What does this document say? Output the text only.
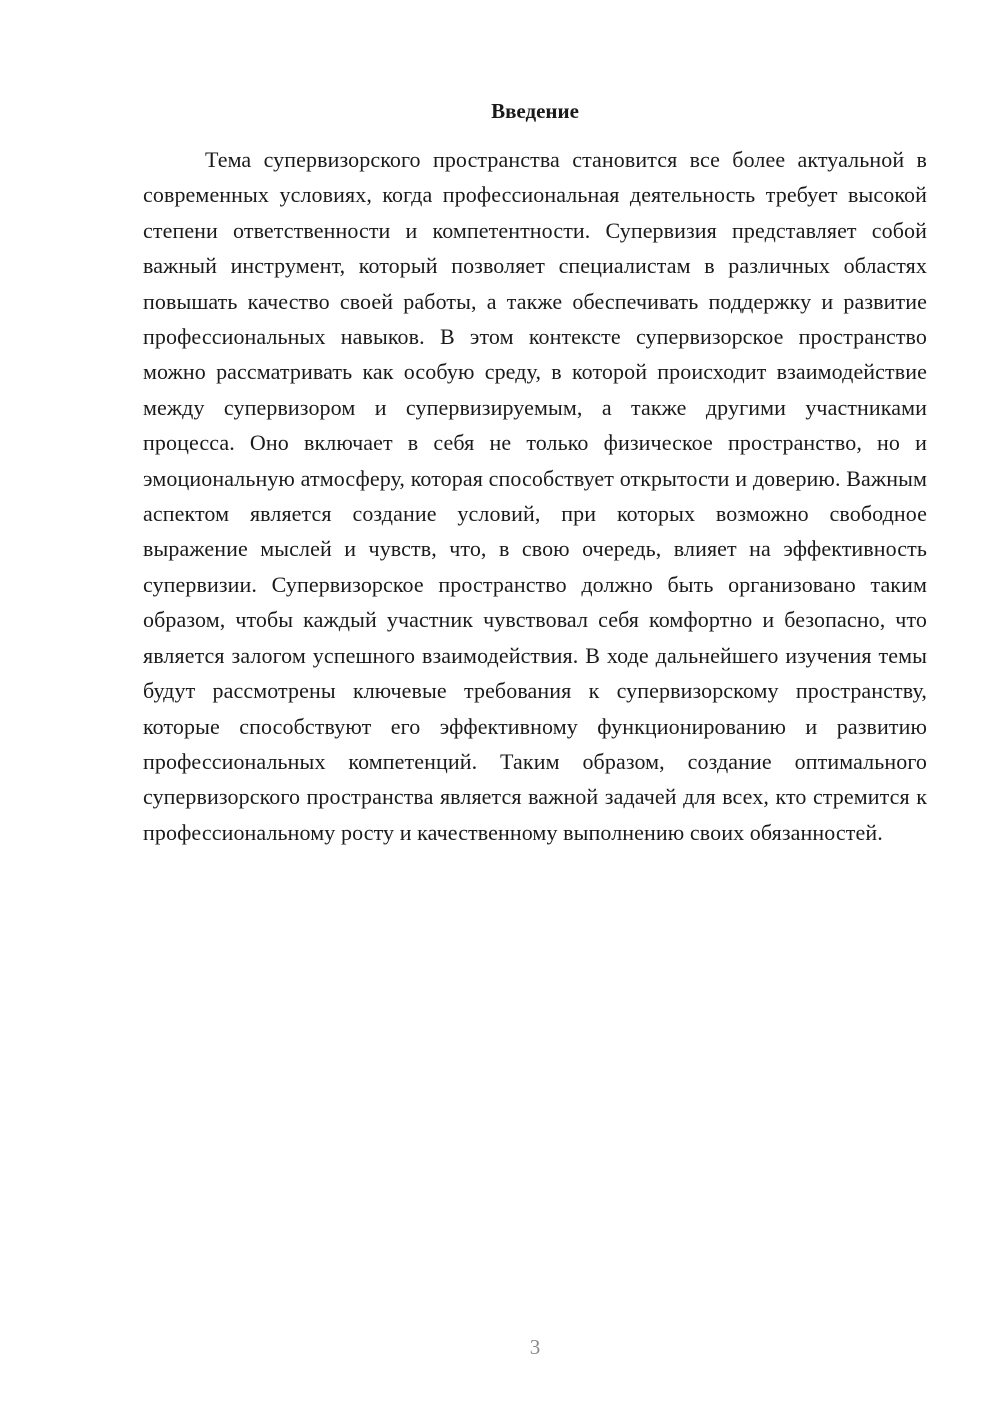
Введение

Тема супервизорского пространства становится все более актуальной в современных условиях, когда профессиональная деятельность требует высокой степени ответственности и компетентности. Супервизия представляет собой важный инструмент, который позволяет специалистам в различных областях повышать качество своей работы, а также обеспечивать поддержку и развитие профессиональных навыков. В этом контексте супервизорское пространство можно рассматривать как особую среду, в которой происходит взаимодействие между супервизором и супервизируемым, а также другими участниками процесса. Оно включает в себя не только физическое пространство, но и эмоциональную атмосферу, которая способствует открытости и доверию. Важным аспектом является создание условий, при которых возможно свободное выражение мыслей и чувств, что, в свою очередь, влияет на эффективность супервизии. Супервизорское пространство должно быть организовано таким образом, чтобы каждый участник чувствовал себя комфортно и безопасно, что является залогом успешного взаимодействия. В ходе дальнейшего изучения темы будут рассмотрены ключевые требования к супервизорскому пространству, которые способствуют его эффективному функционированию и развитию профессиональных компетенций. Таким образом, создание оптимального супервизорского пространства является важной задачей для всех, кто стремится к профессиональному росту и качественному выполнению своих обязанностей.

3
